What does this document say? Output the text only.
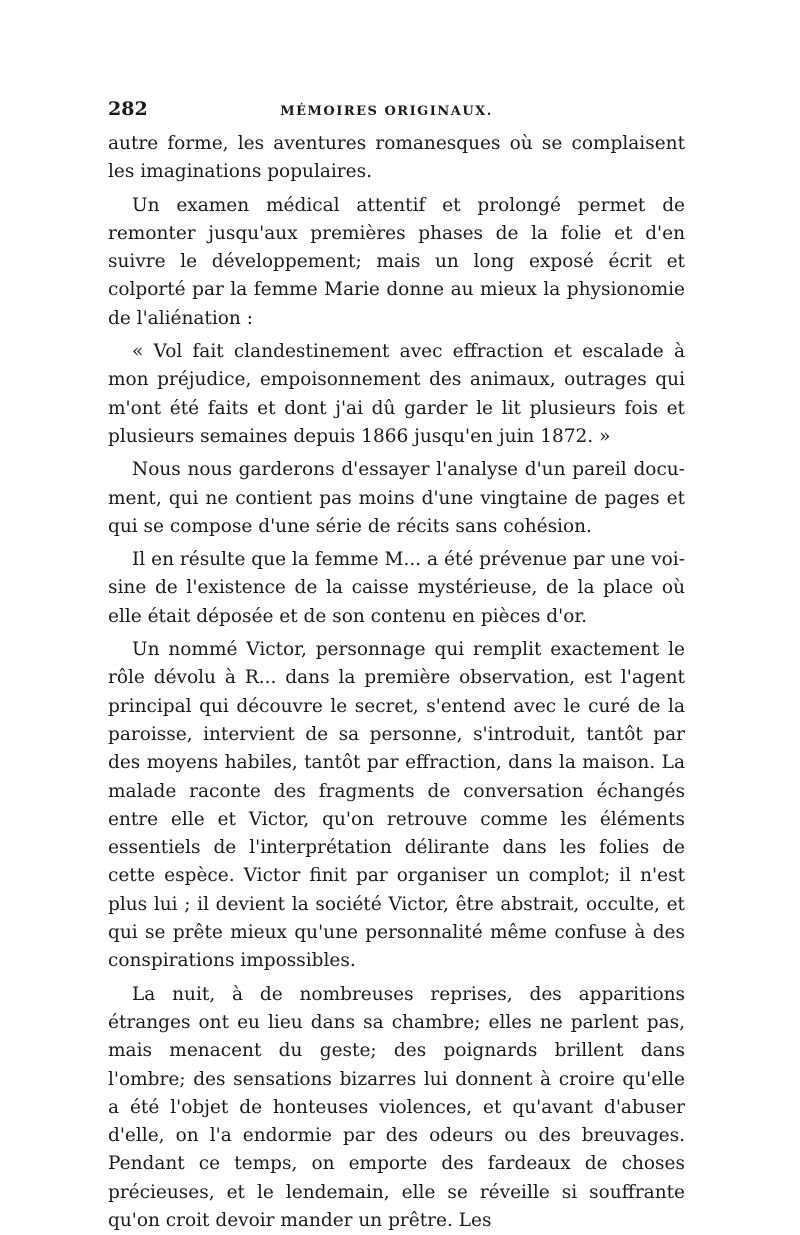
282	MÉMOIRES ORIGINAUX.

autre forme, les aventures romanesques où se complaisent les imaginations populaires.

Un examen médical attentif et prolongé permet de remonter jusqu'aux premières phases de la folie et d'en suivre le développement; mais un long exposé écrit et colporté par la femme Marie donne au mieux la physionomie de l'aliénation :

« Vol fait clandestinement avec effraction et escalade à mon préjudice, empoisonnement des animaux, outrages qui m'ont été faits et dont j'ai dû garder le lit plusieurs fois et plusieurs semaines depuis 1866 jusqu'en juin 1872. »

Nous nous garderons d'essayer l'analyse d'un pareil document, qui ne contient pas moins d'une vingtaine de pages et qui se compose d'une série de récits sans cohésion.

Il en résulte que la femme M... a été prévenue par une voisine de l'existence de la caisse mystérieuse, de la place où elle était déposée et de son contenu en pièces d'or.

Un nommé Victor, personnage qui remplit exactement le rôle dévolu à R... dans la première observation, est l'agent principal qui découvre le secret, s'entend avec le curé de la paroisse, intervient de sa personne, s'introduit, tantôt par des moyens habiles, tantôt par effraction, dans la maison. La malade raconte des fragments de conversation échangés entre elle et Victor, qu'on retrouve comme les éléments essentiels de l'interprétation délirante dans les folies de cette espèce. Victor finit par organiser un complot; il n'est plus lui ; il devient la société Victor, être abstrait, occulte, et qui se prête mieux qu'une personnalité même confuse à des conspirations impossibles.

La nuit, à de nombreuses reprises, des apparitions étranges ont eu lieu dans sa chambre; elles ne parlent pas, mais menacent du geste; des poignards brillent dans l'ombre; des sensations bizarres lui donnent à croire qu'elle a été l'objet de honteuses violences, et qu'avant d'abuser d'elle, on l'a endormie par des odeurs ou des breuvages. Pendant ce temps, on emporte des fardeaux de choses précieuses, et le lendemain, elle se réveille si souffrante qu'on croit devoir mander un prêtre. Les
